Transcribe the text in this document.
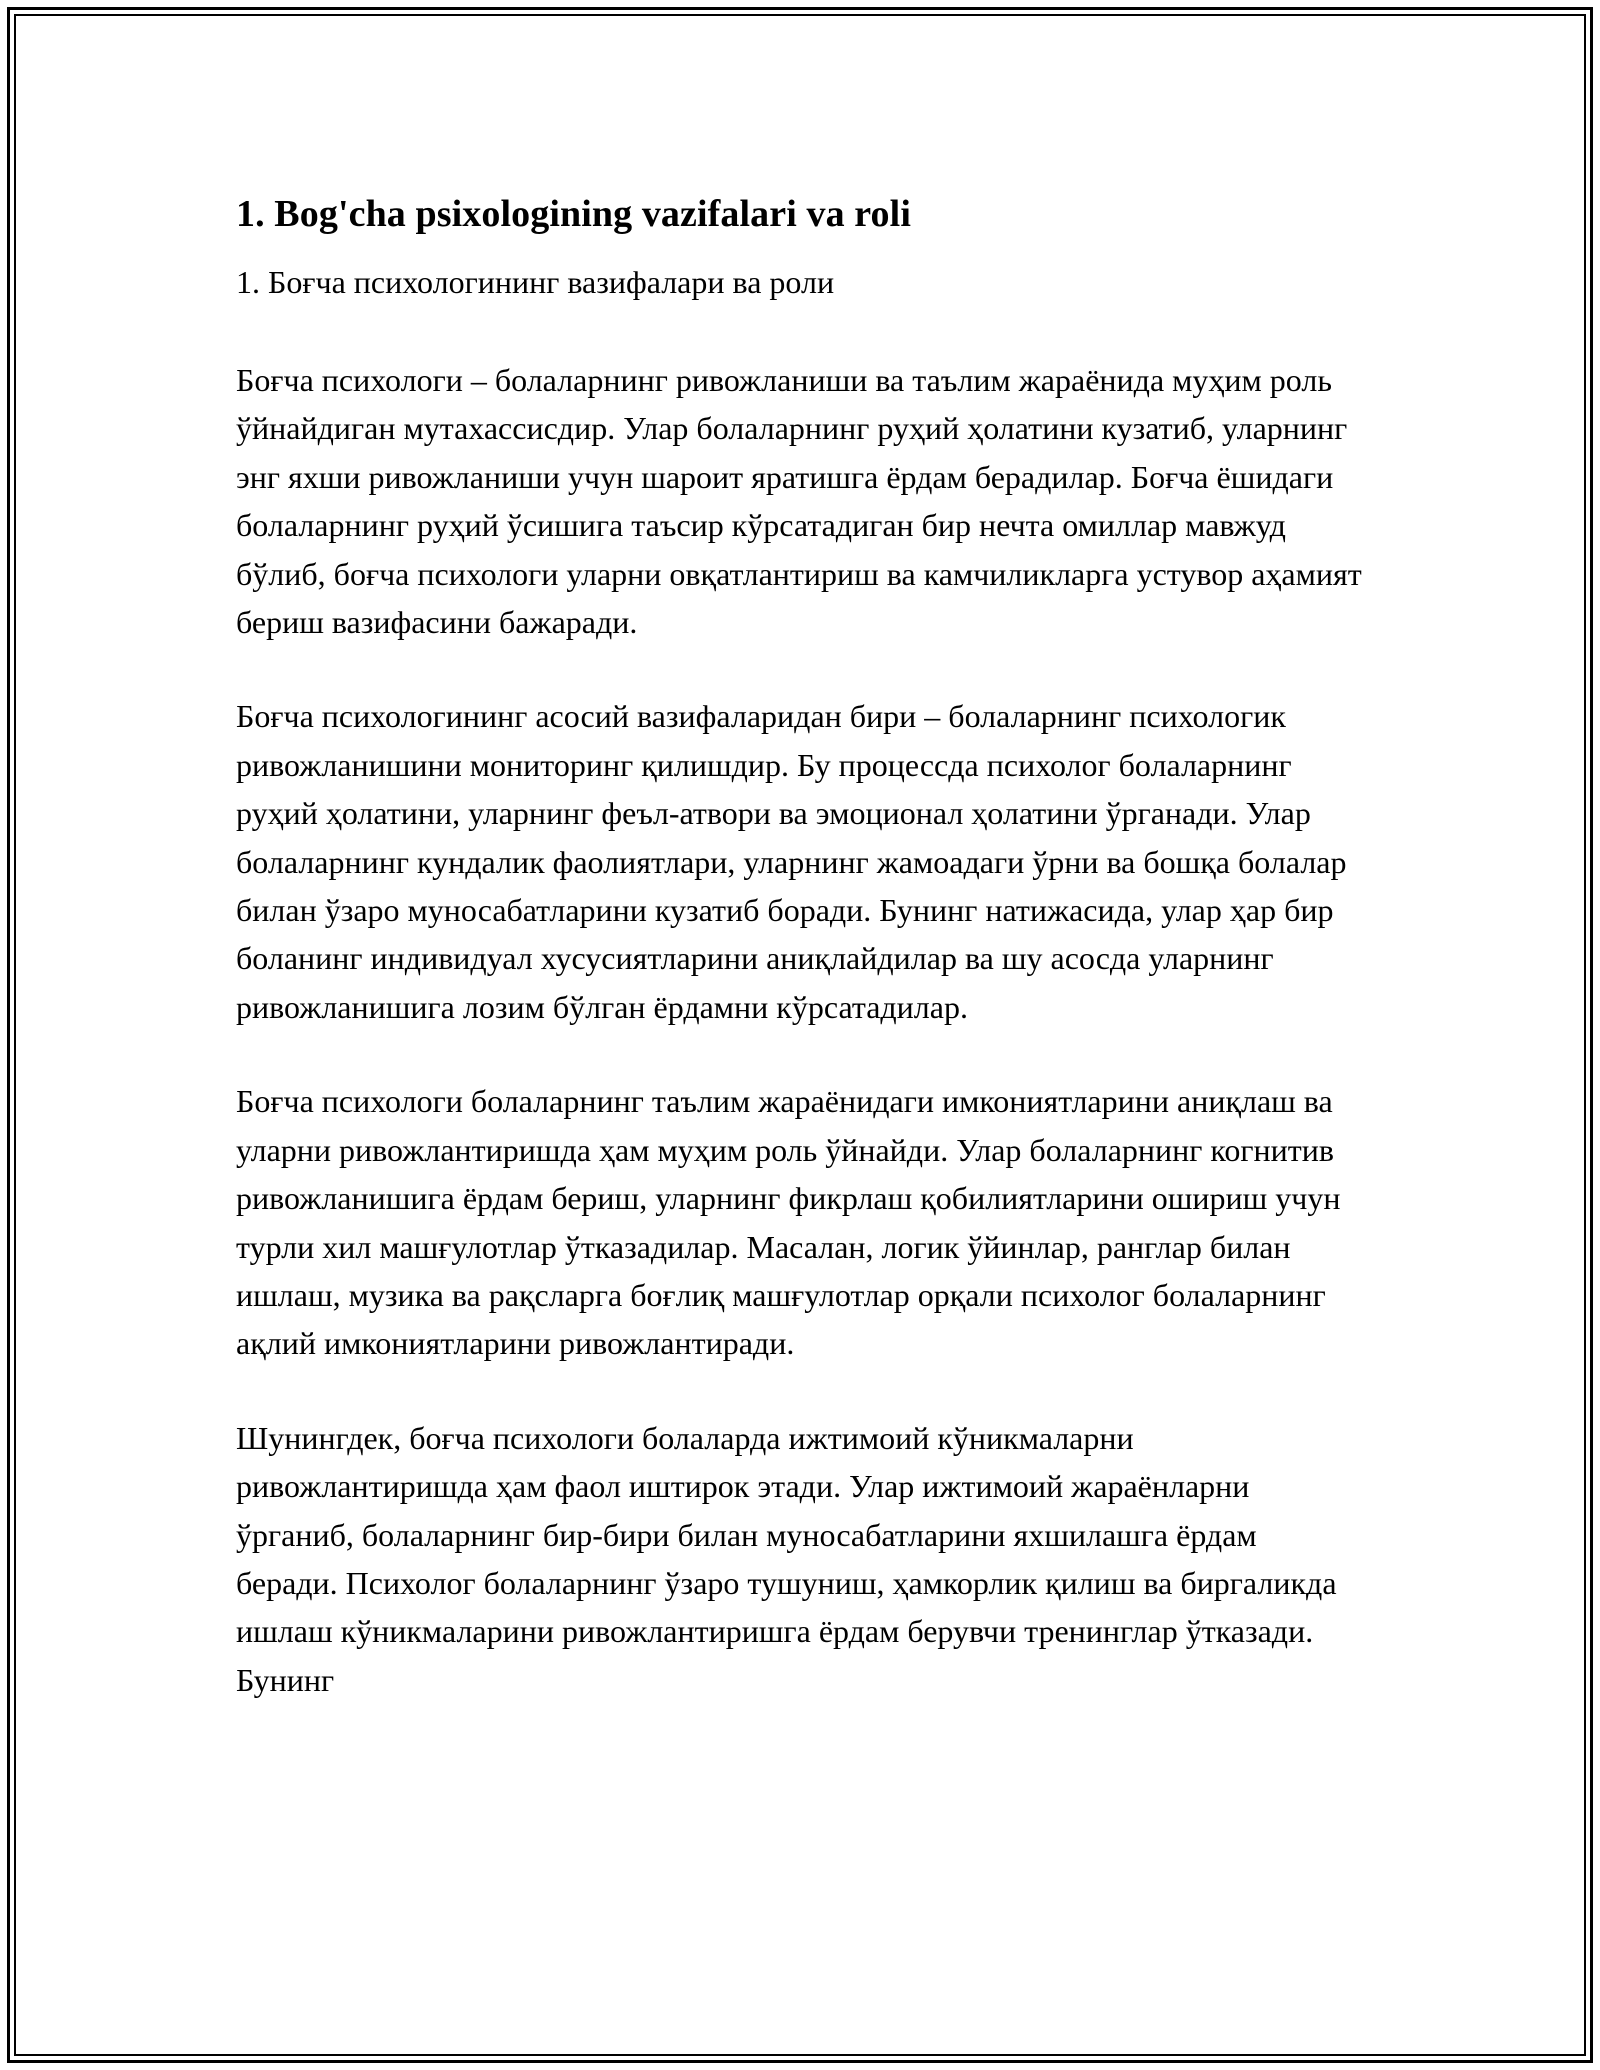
1. Bog'cha psixologining vazifalari va roli

1. Боғча психологининг вазифалари ва роли

Боғча психологи – болаларнинг ривожланиши ва таълим жараёнида муҳим роль ўйнайдиган мутахассисдир. Улар болаларнинг руҳий ҳолатини кузатиб, уларнинг энг яхши ривожланиши учун шароит яратишга ёрдам берадилар. Боғча ёшидаги болаларнинг руҳий ўсишига таъсир кўрсатадиган бир нечта омиллар мавжуд бўлиб, боғча психологи уларни овқатлантириш ва камчиликларга устувор аҳамият бериш вазифасини бажаради.

Боғча психологининг асосий вазифаларидан бири – болаларнинг психологик ривожланишини мониторинг қилишдир. Бу процессда психолог болаларнинг руҳий ҳолатини, уларнинг феъл-атвори ва эмоционал ҳолатини ўрганади. Улар болаларнинг кундалик фаолиятлари, уларнинг жамоадаги ўрни ва бошқа болалар билан ўзаро муносабатларини кузатиб боради. Бунинг натижасида, улар ҳар бир боланинг индивидуал хусусиятларини аниқлайдилар ва шу асосда уларнинг ривожланишига лозим бўлган ёрдамни кўрсатадилар.

Боғча психологи болаларнинг таълим жараёнидаги имкониятларини аниқлаш ва уларни ривожлантиришда ҳам муҳим роль ўйнайди. Улар болаларнинг когнитив ривожланишига ёрдам бериш, уларнинг фикрлаш қобилиятларини ошириш учун турли хил машғулотлар ўтказадилар. Масалан, логик ўйинлар, ранглар билан ишлаш, музика ва рақсларга боғлиқ машғулотлар орқали психолог болаларнинг ақлий имкониятларини ривожлантиради.

Шунингдек, боғча психологи болаларда ижтимоий кўникмаларни ривожлантиришда ҳам фаол иштирок этади. Улар ижтимоий жараёнларни ўрганиб, болаларнинг бир-бири билан муносабатларини яхшилашга ёрдам беради. Психолог болаларнинг ўзаро тушуниш, ҳамкорлик қилиш ва биргаликда ишлаш кўникмаларини ривожлантиришга ёрдам берувчи тренинглар ўтказади. Бунинг
